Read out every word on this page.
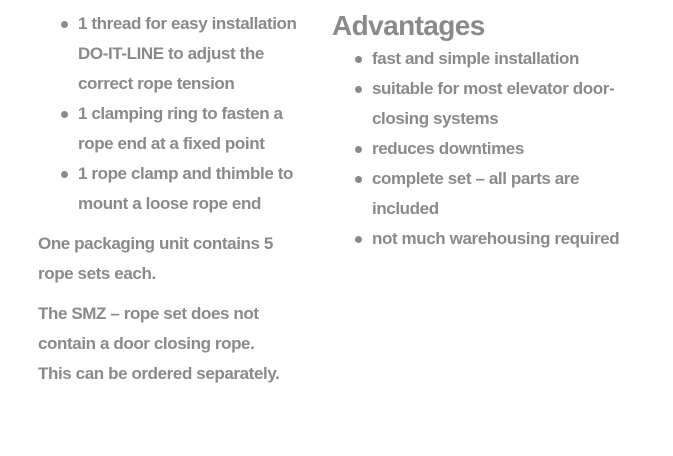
1 thread for easy installation DO-IT-LINE to adjust the correct rope tension
1 clamping ring to fasten a rope end at a fixed point
1 rope clamp and thimble to mount a loose rope end

One packaging unit contains 5 rope sets each.

The SMZ – rope set does not contain a door closing rope.
This can be ordered separately.

Advantages
fast and simple installation
suitable for most elevator door-closing systems
reduces downtimes
complete set – all parts are included
not much warehousing required
